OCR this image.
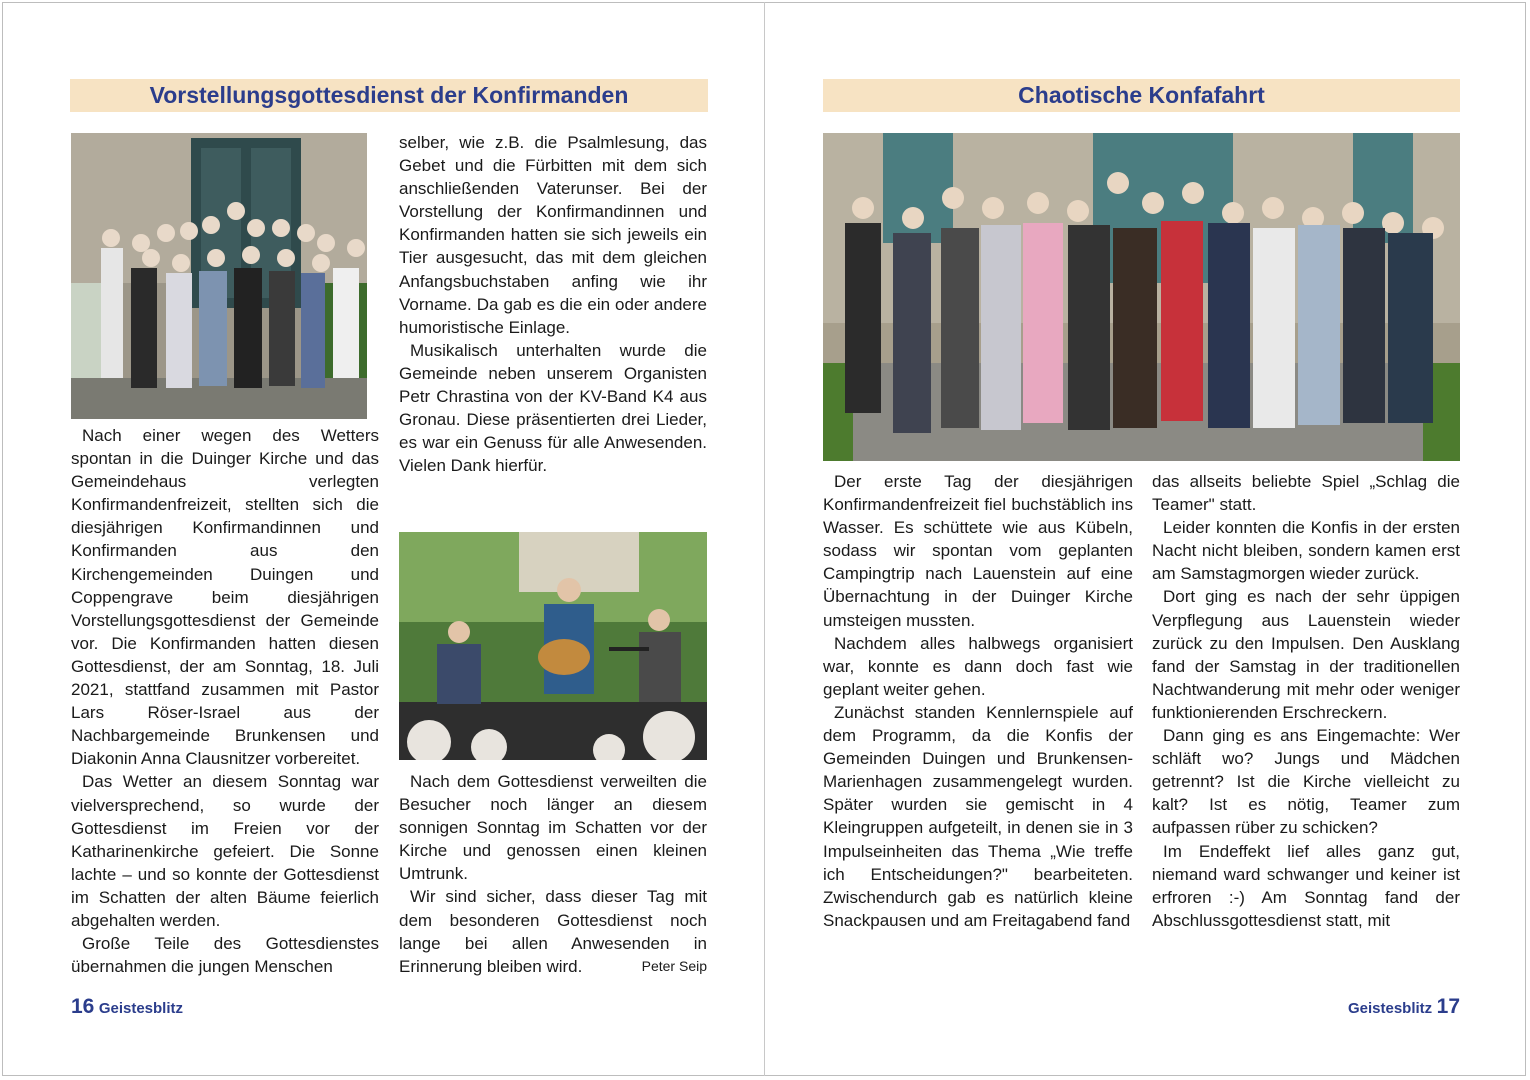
Vorstellungsgottesdienst der Konfirmanden

Nach einer wegen des Wetters spontan in die Duinger Kirche und das Gemeindehaus verlegten Konfirmandenfreizeit, stellten sich die diesjährigen Konfirmandinnen und Konfirmanden aus den Kirchengemeinden Duingen und Coppengrave beim diesjährigen Vorstellungsgottesdienst der Gemeinde vor. Die Konfirmanden hatten diesen Gottesdienst, der am Sonntag, 18. Juli 2021, stattfand zusammen mit Pastor Lars Röser-Israel aus der Nachbargemeinde Brunkensen und Diakonin Anna Clausnitzer vorbereitet.

Das Wetter an diesem Sonntag war vielversprechend, so wurde der Gottesdienst im Freien vor der Katharinenkirche gefeiert. Die Sonne lachte – und so konnte der Gottesdienst im Schatten der alten Bäume feierlich abgehalten werden.

Große Teile des Gottesdienstes übernahmen die jungen Menschen

selber, wie z.B. die Psalmlesung, das Gebet und die Fürbitten mit dem sich anschließenden Vaterunser. Bei der Vorstellung der Konfirmandinnen und Konfirmanden hatten sie sich jeweils ein Tier ausgesucht, das mit dem gleichen Anfangsbuchstaben anfing wie ihr Vorname. Da gab es die ein oder andere humoristische Einlage.

Musikalisch unterhalten wurde die Gemeinde neben unserem Organisten Petr Chrastina von der KV-Band K4 aus Gronau. Diese präsentierten drei Lieder, es war ein Genuss für alle Anwesenden. Vielen Dank hierfür.

Nach dem Gottesdienst verweilten die Besucher noch länger an diesem sonnigen Sonntag im Schatten vor der Kirche und genossen einen kleinen Umtrunk.

Wir sind sicher, dass dieser Tag mit dem besonderen Gottesdienst noch lange bei allen Anwesenden in Erinnerung bleiben wird.	Peter Seip

16 Geistesblitz
Chaotische Konfafahrt

Der erste Tag der diesjährigen Konfirmandenfreizeit fiel buchstäblich ins Wasser. Es schüttete wie aus Kübeln, sodass wir spontan vom geplanten Campingtrip nach Lauenstein auf eine Übernachtung in der Duinger Kirche umsteigen mussten.

Nachdem alles halbwegs organisiert war, konnte es dann doch fast wie geplant weiter gehen.

Zunächst standen Kennlernspiele auf dem Programm, da die Konfis der Gemeinden Duingen und Brunkensen-Marienhagen zusammengelegt wurden. Später wurden sie gemischt in 4 Kleingruppen aufgeteilt, in denen sie in 3 Impulseinheiten das Thema „Wie treffe ich Entscheidungen?" bearbeiteten. Zwischendurch gab es natürlich kleine Snackpausen und am Freitagabend fand

das allseits beliebte Spiel „Schlag die Teamer" statt.

Leider konnten die Konfis in der ersten Nacht nicht bleiben, sondern kamen erst am Samstagmorgen wieder zurück.

Dort ging es nach der sehr üppigen Verpflegung aus Lauenstein wieder zurück zu den Impulsen. Den Ausklang fand der Samstag in der traditionellen Nachtwanderung mit mehr oder weniger funktionierenden Erschreckern.

Dann ging es ans Eingemachte: Wer schläft wo? Jungs und Mädchen getrennt? Ist die Kirche vielleicht zu kalt? Ist es nötig, Teamer zum aufpassen rüber zu schicken?

Im Endeffekt lief alles ganz gut, niemand ward schwanger und keiner ist erfroren :-) Am Sonntag fand der Abschlussgottesdienst statt, mit

Geistesblitz 17
